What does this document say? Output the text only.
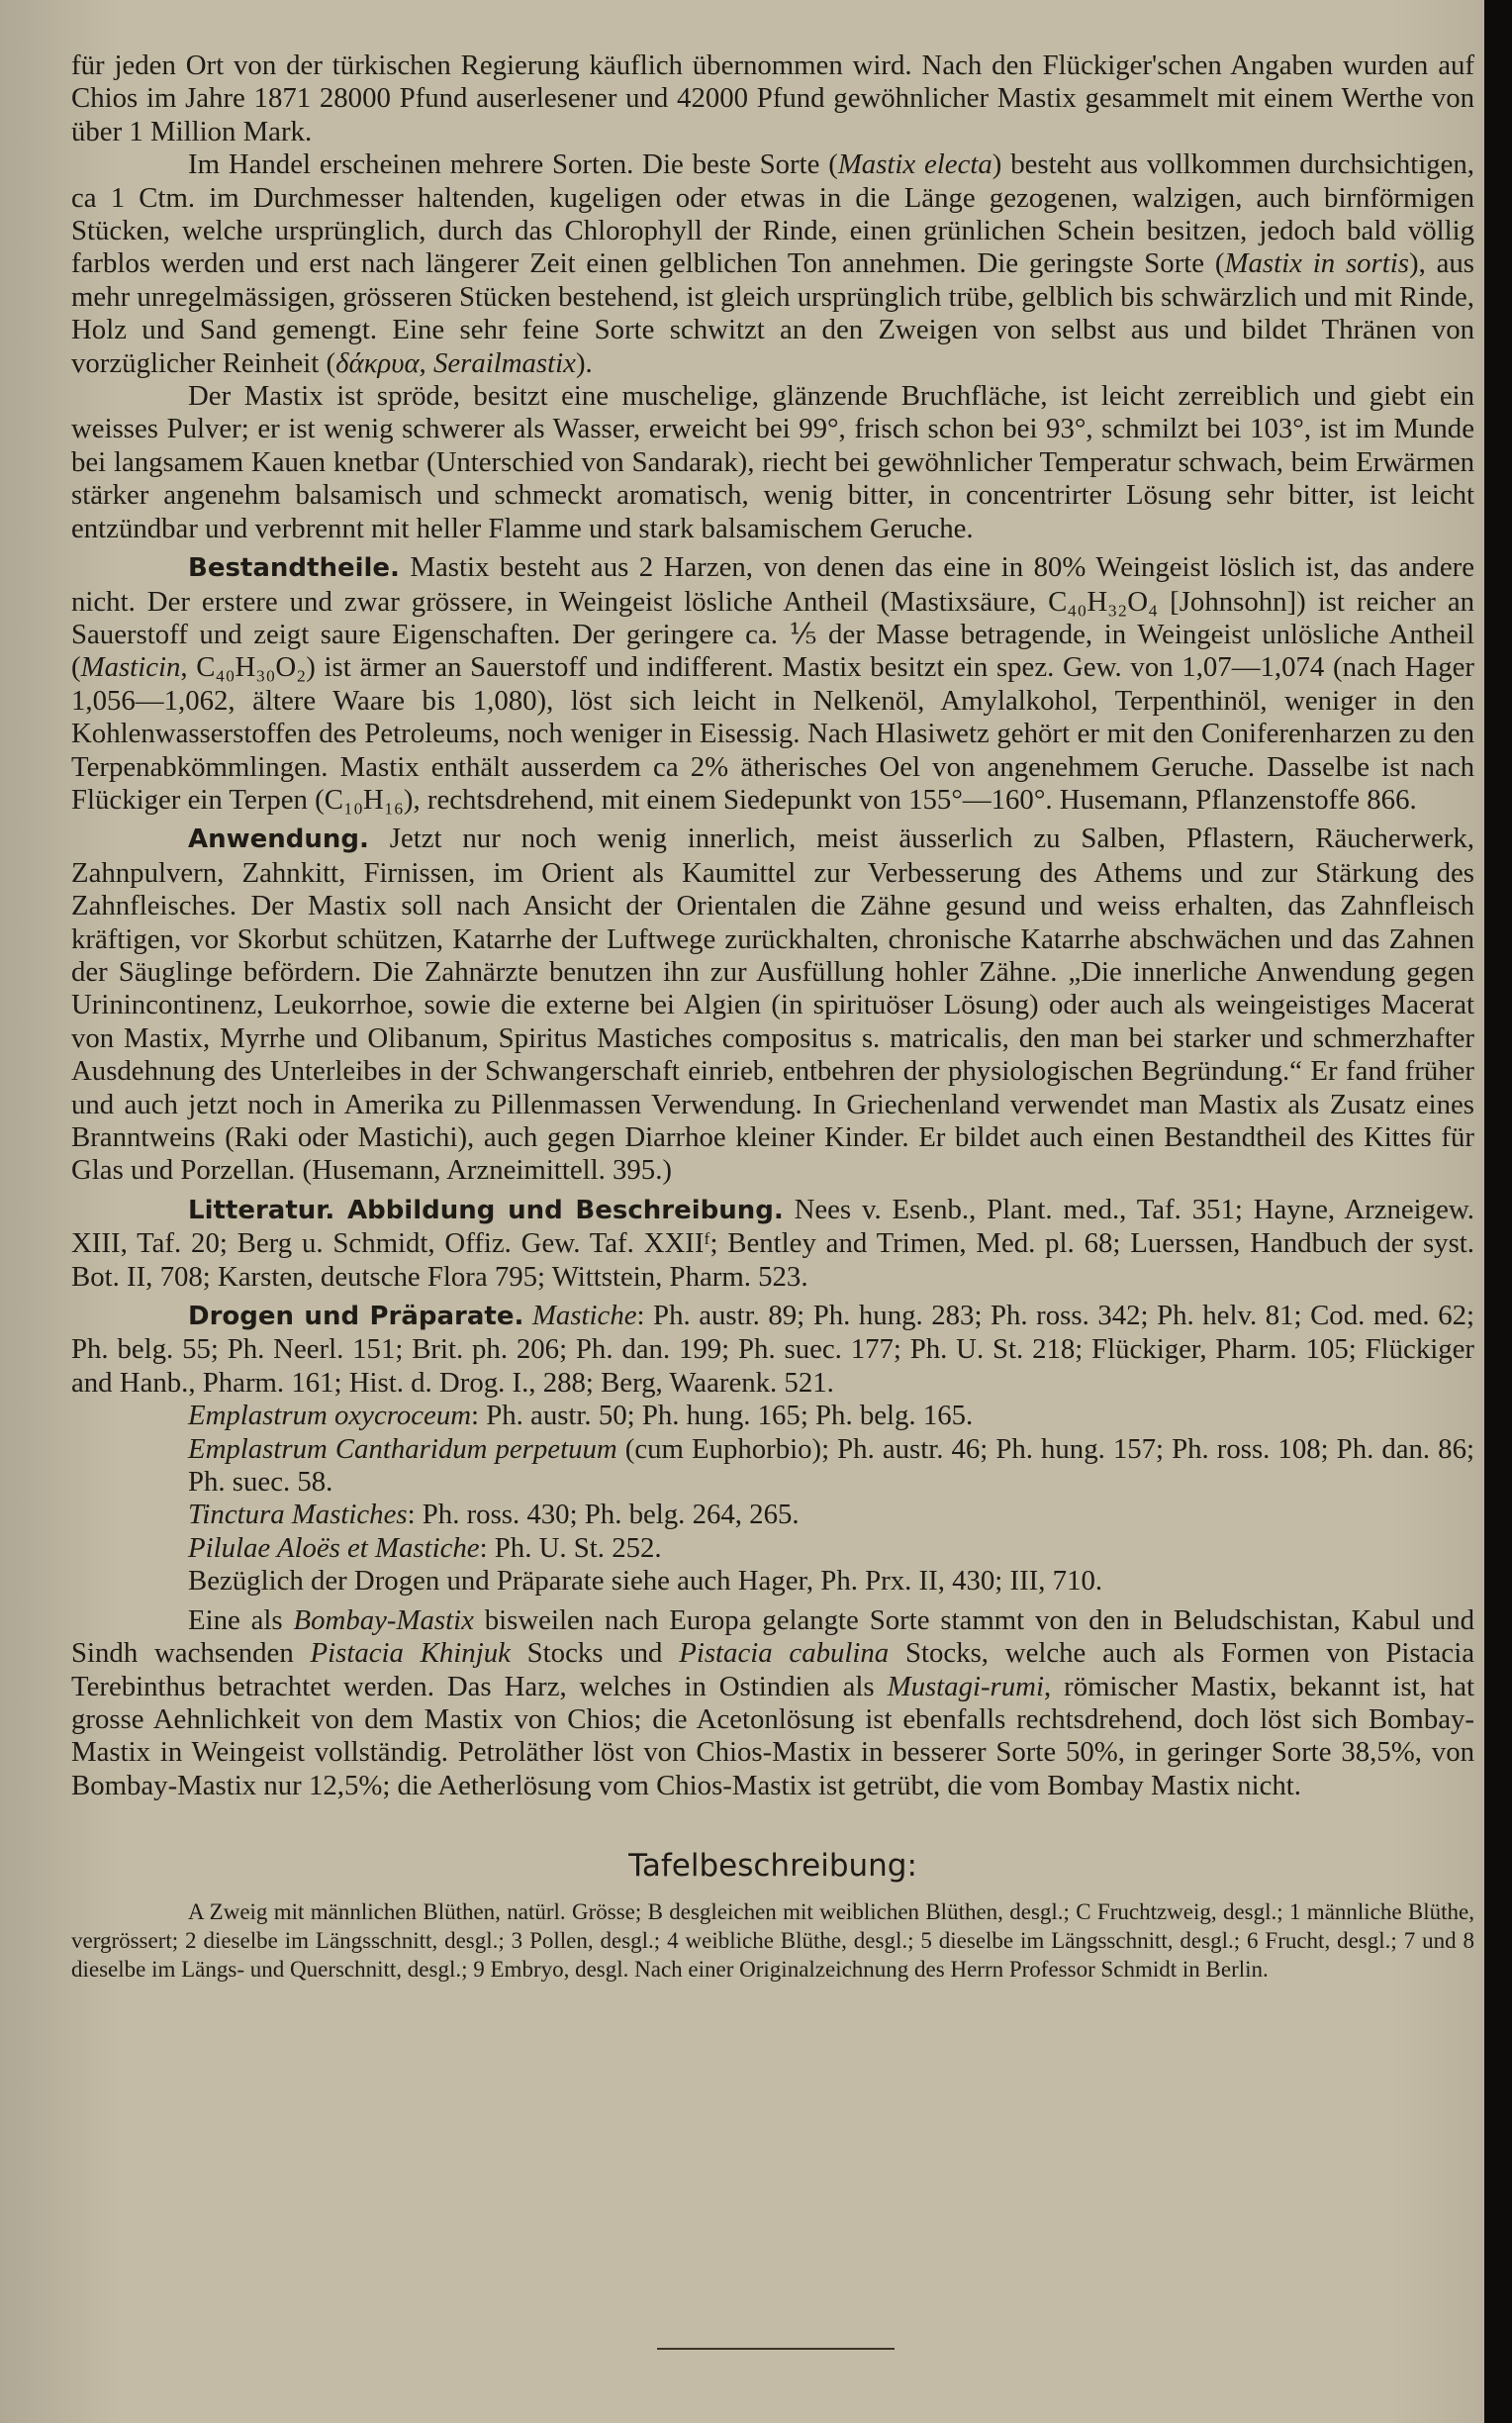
für jeden Ort von der türkischen Regierung käuflich übernommen wird. Nach den Flückiger'schen Angaben wurden auf Chios im Jahre 1871 28000 Pfund auserlesener und 42000 Pfund gewöhnlicher Mastix gesammelt mit einem Werthe von über 1 Million Mark.

Im Handel erscheinen mehrere Sorten. Die beste Sorte (Mastix electa) besteht aus vollkommen durchsichtigen, ca 1 Ctm. im Durchmesser haltenden, kugeligen oder etwas in die Länge gezogenen, walzigen, auch birnförmigen Stücken, welche ursprünglich, durch das Chlorophyll der Rinde, einen grünlichen Schein besitzen, jedoch bald völlig farblos werden und erst nach längerer Zeit einen gelblichen Ton annehmen. Die geringste Sorte (Mastix in sortis), aus mehr unregelmässigen, grösseren Stücken bestehend, ist gleich ursprünglich trübe, gelblich bis schwärzlich und mit Rinde, Holz und Sand gemengt. Eine sehr feine Sorte schwitzt an den Zweigen von selbst aus und bildet Thränen von vorzüglicher Reinheit (δάκρυα, Serailmastix).

Der Mastix ist spröde, besitzt eine muschelige, glänzende Bruchfläche, ist leicht zerreiblich und giebt ein weisses Pulver; er ist wenig schwerer als Wasser, erweicht bei 99°, frisch schon bei 93°, schmilzt bei 103°, ist im Munde bei langsamem Kauen knetbar (Unterschied von Sandarak), riecht bei gewöhnlicher Temperatur schwach, beim Erwärmen stärker angenehm balsamisch und schmeckt aromatisch, wenig bitter, in concentrirter Lösung sehr bitter, ist leicht entzündbar und verbrennt mit heller Flamme und stark balsamischem Geruche.

Bestandtheile. Mastix besteht aus 2 Harzen, von denen das eine in 80% Weingeist löslich ist, das andere nicht. Der erstere und zwar grössere, in Weingeist lösliche Antheil (Mastixsäure, C₄₀H₃₂O₄ [Johnsohn]) ist reicher an Sauerstoff und zeigt saure Eigenschaften. Der geringere ca. ⅕ der Masse betragende, in Weingeist unlösliche Antheil (Masticin, C₄₀H₃₀O₂) ist ärmer an Sauerstoff und indifferent. Mastix besitzt ein spez. Gew. von 1,07—1,074 (nach Hager 1,056—1,062, ältere Waare bis 1,080), löst sich leicht in Nelkenöl, Amylalkohol, Terpenthinöl, weniger in den Kohlenwasserstoffen des Petroleums, noch weniger in Eisessig. Nach Hlasiwetz gehört er mit den Coniferenharzen zu den Terpenabkömmlingen. Mastix enthält ausserdem ca 2% ätherisches Oel von angenehmem Geruche. Dasselbe ist nach Flückiger ein Terpen (C₁₀H₁₆), rechtsdrehend, mit einem Siedepunkt von 155°—160°. Husemann, Pflanzenstoffe 866.

Anwendung. Jetzt nur noch wenig innerlich, meist äusserlich zu Salben, Pflastern, Räucherwerk, Zahnpulvern, Zahnkitt, Firnissen, im Orient als Kaumittel zur Verbesserung des Athems und zur Stärkung des Zahnfleisches. Der Mastix soll nach Ansicht der Orientalen die Zähne gesund und weiss erhalten, das Zahnfleisch kräftigen, vor Skorbut schützen, Katarrhe der Luftwege zurückhalten, chronische Katarrhe abschwächen und das Zahnen der Säuglinge befördern. Die Zahnärzte benutzen ihn zur Ausfüllung hohler Zähne. „Die innerliche Anwendung gegen Urinincontinenz, Leukorrhoe, sowie die externe bei Algien (in spirituöser Lösung) oder auch als weingeistiges Macerat von Mastix, Myrrhe und Olibanum, Spiritus Mastiches compositus s. matricalis, den man bei starker und schmerzhafter Ausdehnung des Unterleibes in der Schwangerschaft einrieb, entbehren der physiologischen Begründung.“ Er fand früher und auch jetzt noch in Amerika zu Pillenmassen Verwendung. In Griechenland verwendet man Mastix als Zusatz eines Branntweins (Raki oder Mastichi), auch gegen Diarrhoe kleiner Kinder. Er bildet auch einen Bestandtheil des Kittes für Glas und Porzellan. (Husemann, Arzneimittell. 395.)

Litteratur. Abbildung und Beschreibung. Nees v. Esenb., Plant. med., Taf. 351; Hayne, Arzneigew. XIII, Taf. 20; Berg u. Schmidt, Offiz. Gew. Taf. XXIIᶠ; Bentley and Trimen, Med. pl. 68; Luerssen, Handbuch der syst. Bot. II, 708; Karsten, deutsche Flora 795; Wittstein, Pharm. 523.

Drogen und Präparate. Mastiche: Ph. austr. 89; Ph. hung. 283; Ph. ross. 342; Ph. helv. 81; Cod. med. 62; Ph. belg. 55; Ph. Neerl. 151; Brit. ph. 206; Ph. dan. 199; Ph. suec. 177; Ph. U. St. 218; Flückiger, Pharm. 105; Flückiger and Hanb., Pharm. 161; Hist. d. Drog. I., 288; Berg, Waarenk. 521.

Emplastrum oxycroceum: Ph. austr. 50; Ph. hung. 165; Ph. belg. 165.

Emplastrum Cantharidum perpetuum (cum Euphorbio); Ph. austr. 46; Ph. hung. 157; Ph. ross. 108; Ph. dan. 86; Ph. suec. 58.

Tinctura Mastiches: Ph. ross. 430; Ph. belg. 264, 265.

Pilulae Aloës et Mastiche: Ph. U. St. 252.

Bezüglich der Drogen und Präparate siehe auch Hager, Ph. Prx. II, 430; III, 710.

Eine als Bombay-Mastix bisweilen nach Europa gelangte Sorte stammt von den in Beludschistan, Kabul und Sindh wachsenden Pistacia Khinjuk Stocks und Pistacia cabulina Stocks, welche auch als Formen von Pistacia Terebinthus betrachtet werden. Das Harz, welches in Ostindien als Mustagi-rumi, römischer Mastix, bekannt ist, hat grosse Aehnlichkeit von dem Mastix von Chios; die Acetonlösung ist ebenfalls rechtsdrehend, doch löst sich Bombay-Mastix in Weingeist vollständig. Petroläther löst von Chios-Mastix in besserer Sorte 50%, in geringer Sorte 38,5%, von Bombay-Mastix nur 12,5%; die Aetherlösung vom Chios-Mastix ist getrübt, die vom Bombay Mastix nicht.

Tafelbeschreibung:

A Zweig mit männlichen Blüthen, natürl. Grösse; B desgleichen mit weiblichen Blüthen, desgl.; C Fruchtzweig, desgl.; 1 männliche Blüthe, vergrössert; 2 dieselbe im Längsschnitt, desgl.; 3 Pollen, desgl.; 4 weibliche Blüthe, desgl.; 5 dieselbe im Längsschnitt, desgl.; 6 Frucht, desgl.; 7 und 8 dieselbe im Längs- und Querschnitt, desgl.; 9 Embryo, desgl. Nach einer Originalzeichnung des Herrn Professor Schmidt in Berlin.
